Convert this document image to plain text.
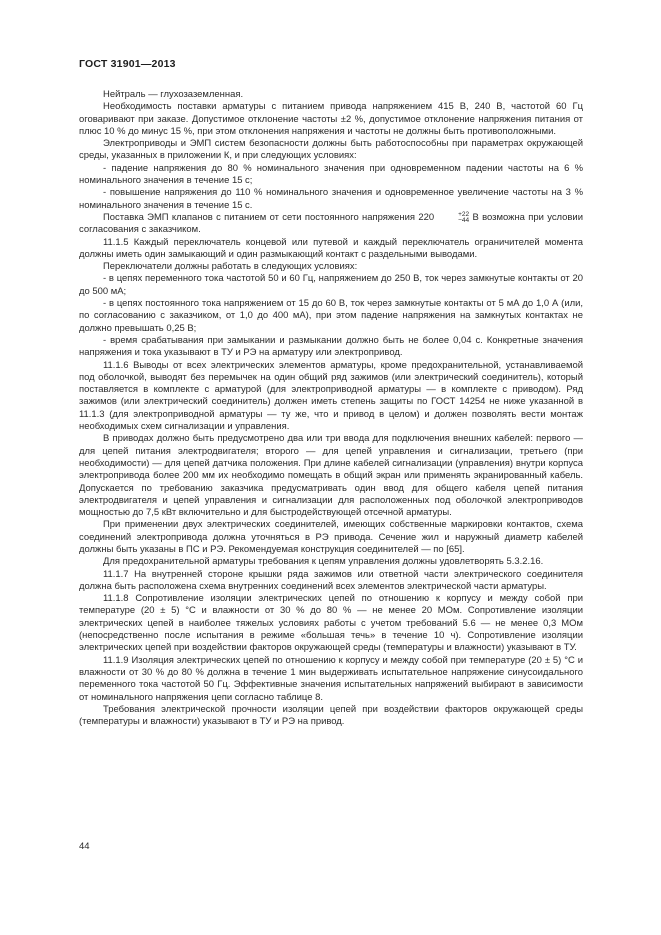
ГОСТ 31901—2013

Нейтраль — глухозаземленная.

Необходимость поставки арматуры с питанием привода напряжением 415 В, 240 В, частотой 60 Гц оговаривают при заказе. Допустимое отклонение частоты ±2 %, допустимое отклонение напряжения питания от плюс 10 % до минус 15 %, при этом отклонения напряжения и частоты не должны быть противоположными.

Электроприводы и ЭМП систем безопасности должны быть работоспособны при параметрах окружающей среды, указанных в приложении К, и при следующих условиях:

- падение напряжения до 80 % номинального значения при одновременном падении частоты на 6 % номинального значения в течение 15 с;

- повышение напряжения до 110 % номинального значения и одновременное увеличение частоты на 3 % номинального значения в течение 15 с.

Поставка ЭМП клапанов с питанием от сети постоянного напряжения 220	+22
−44 В возможна при условии согласования с заказчиком.

11.1.5 Каждый переключатель концевой или путевой и каждый переключатель ограничителей момента должны иметь один замыкающий и один размыкающий контакт с раздельными выводами.

Переключатели должны работать в следующих условиях:

- в цепях переменного тока частотой 50 и 60 Гц, напряжением до 250 В, ток через замкнутые контакты от 20 до 500 мА;

- в цепях постоянного тока напряжением от 15 до 60 В, ток через замкнутые контакты от 5 мА до 1,0 А (или, по согласованию с заказчиком, от 1,0 до 400 мА), при этом падение напряжения на замкнутых контактах не должно превышать 0,25 В;

- время срабатывания при замыкании и размыкании должно быть не более 0,04 с. Конкретные значения напряжения и тока указывают в ТУ и РЭ на арматуру или электропривод.

11.1.6 Выводы от всех электрических элементов арматуры, кроме предохранительной, устанавливаемой под оболочкой, выводят без перемычек на один общий ряд зажимов (или электрический соединитель), который поставляется в комплекте с арматурой (для электроприводной арматуры — в комплекте с приводом). Ряд зажимов (или электрический соединитель) должен иметь степень защиты по ГОСТ 14254 не ниже указанной в 11.1.3 (для электроприводной арматуры — ту же, что и привод в целом) и должен позволять вести монтаж необходимых схем сигнализации и управления.

В приводах должно быть предусмотрено два или три ввода для подключения внешних кабелей: первого — для цепей питания электродвигателя; второго — для цепей управления и сигнализации, третьего (при необходимости) — для цепей датчика положения. При длине кабелей сигнализации (управления) внутри корпуса электропривода более 200 мм их необходимо помещать в общий экран или применять экранированный кабель. Допускается по требованию заказчика предусматривать один ввод для общего кабеля цепей питания электродвигателя и цепей управления и сигнализации для расположенных под оболочкой электроприводов мощностью до 7,5 кВт включительно и для быстродействующей отсечной арматуры.

При применении двух электрических соединителей, имеющих собственные маркировки контактов, схема соединений электропривода должна уточняться в РЭ привода. Сечение жил и наружный диаметр кабелей должны быть указаны в ПС и РЭ. Рекомендуемая конструкция соединителей — по [65].

Для предохранительной арматуры требования к цепям управления должны удовлетворять 5.3.2.16.

11.1.7 На внутренней стороне крышки ряда зажимов или ответной части электрического соединителя должна быть расположена схема внутренних соединений всех элементов электрической части арматуры.

11.1.8 Сопротивление изоляции электрических цепей по отношению к корпусу и между собой при температуре (20 ± 5) °С и влажности от 30 % до 80 % — не менее 20 МОм. Сопротивление изоляции электрических цепей в наиболее тяжелых условиях работы с учетом требований 5.6 — не менее 0,3 МОм (непосредственно после испытания в режиме «большая течь» в течение 10 ч). Сопротивление изоляции электрических цепей при воздействии факторов окружающей среды (температуры и влажности) указывают в ТУ.

11.1.9 Изоляция электрических цепей по отношению к корпусу и между собой при температуре (20 ± 5) °С и влажности от 30 % до 80 % должна в течение 1 мин выдерживать испытательное напряжение синусоидального переменного тока частотой 50 Гц. Эффективные значения испытательных напряжений выбирают в зависимости от номинального напряжения цепи согласно таблице 8.

Требования электрической прочности изоляции цепей при воздействии факторов окружающей среды (температуры и влажности) указывают в ТУ и РЭ на привод.

44
